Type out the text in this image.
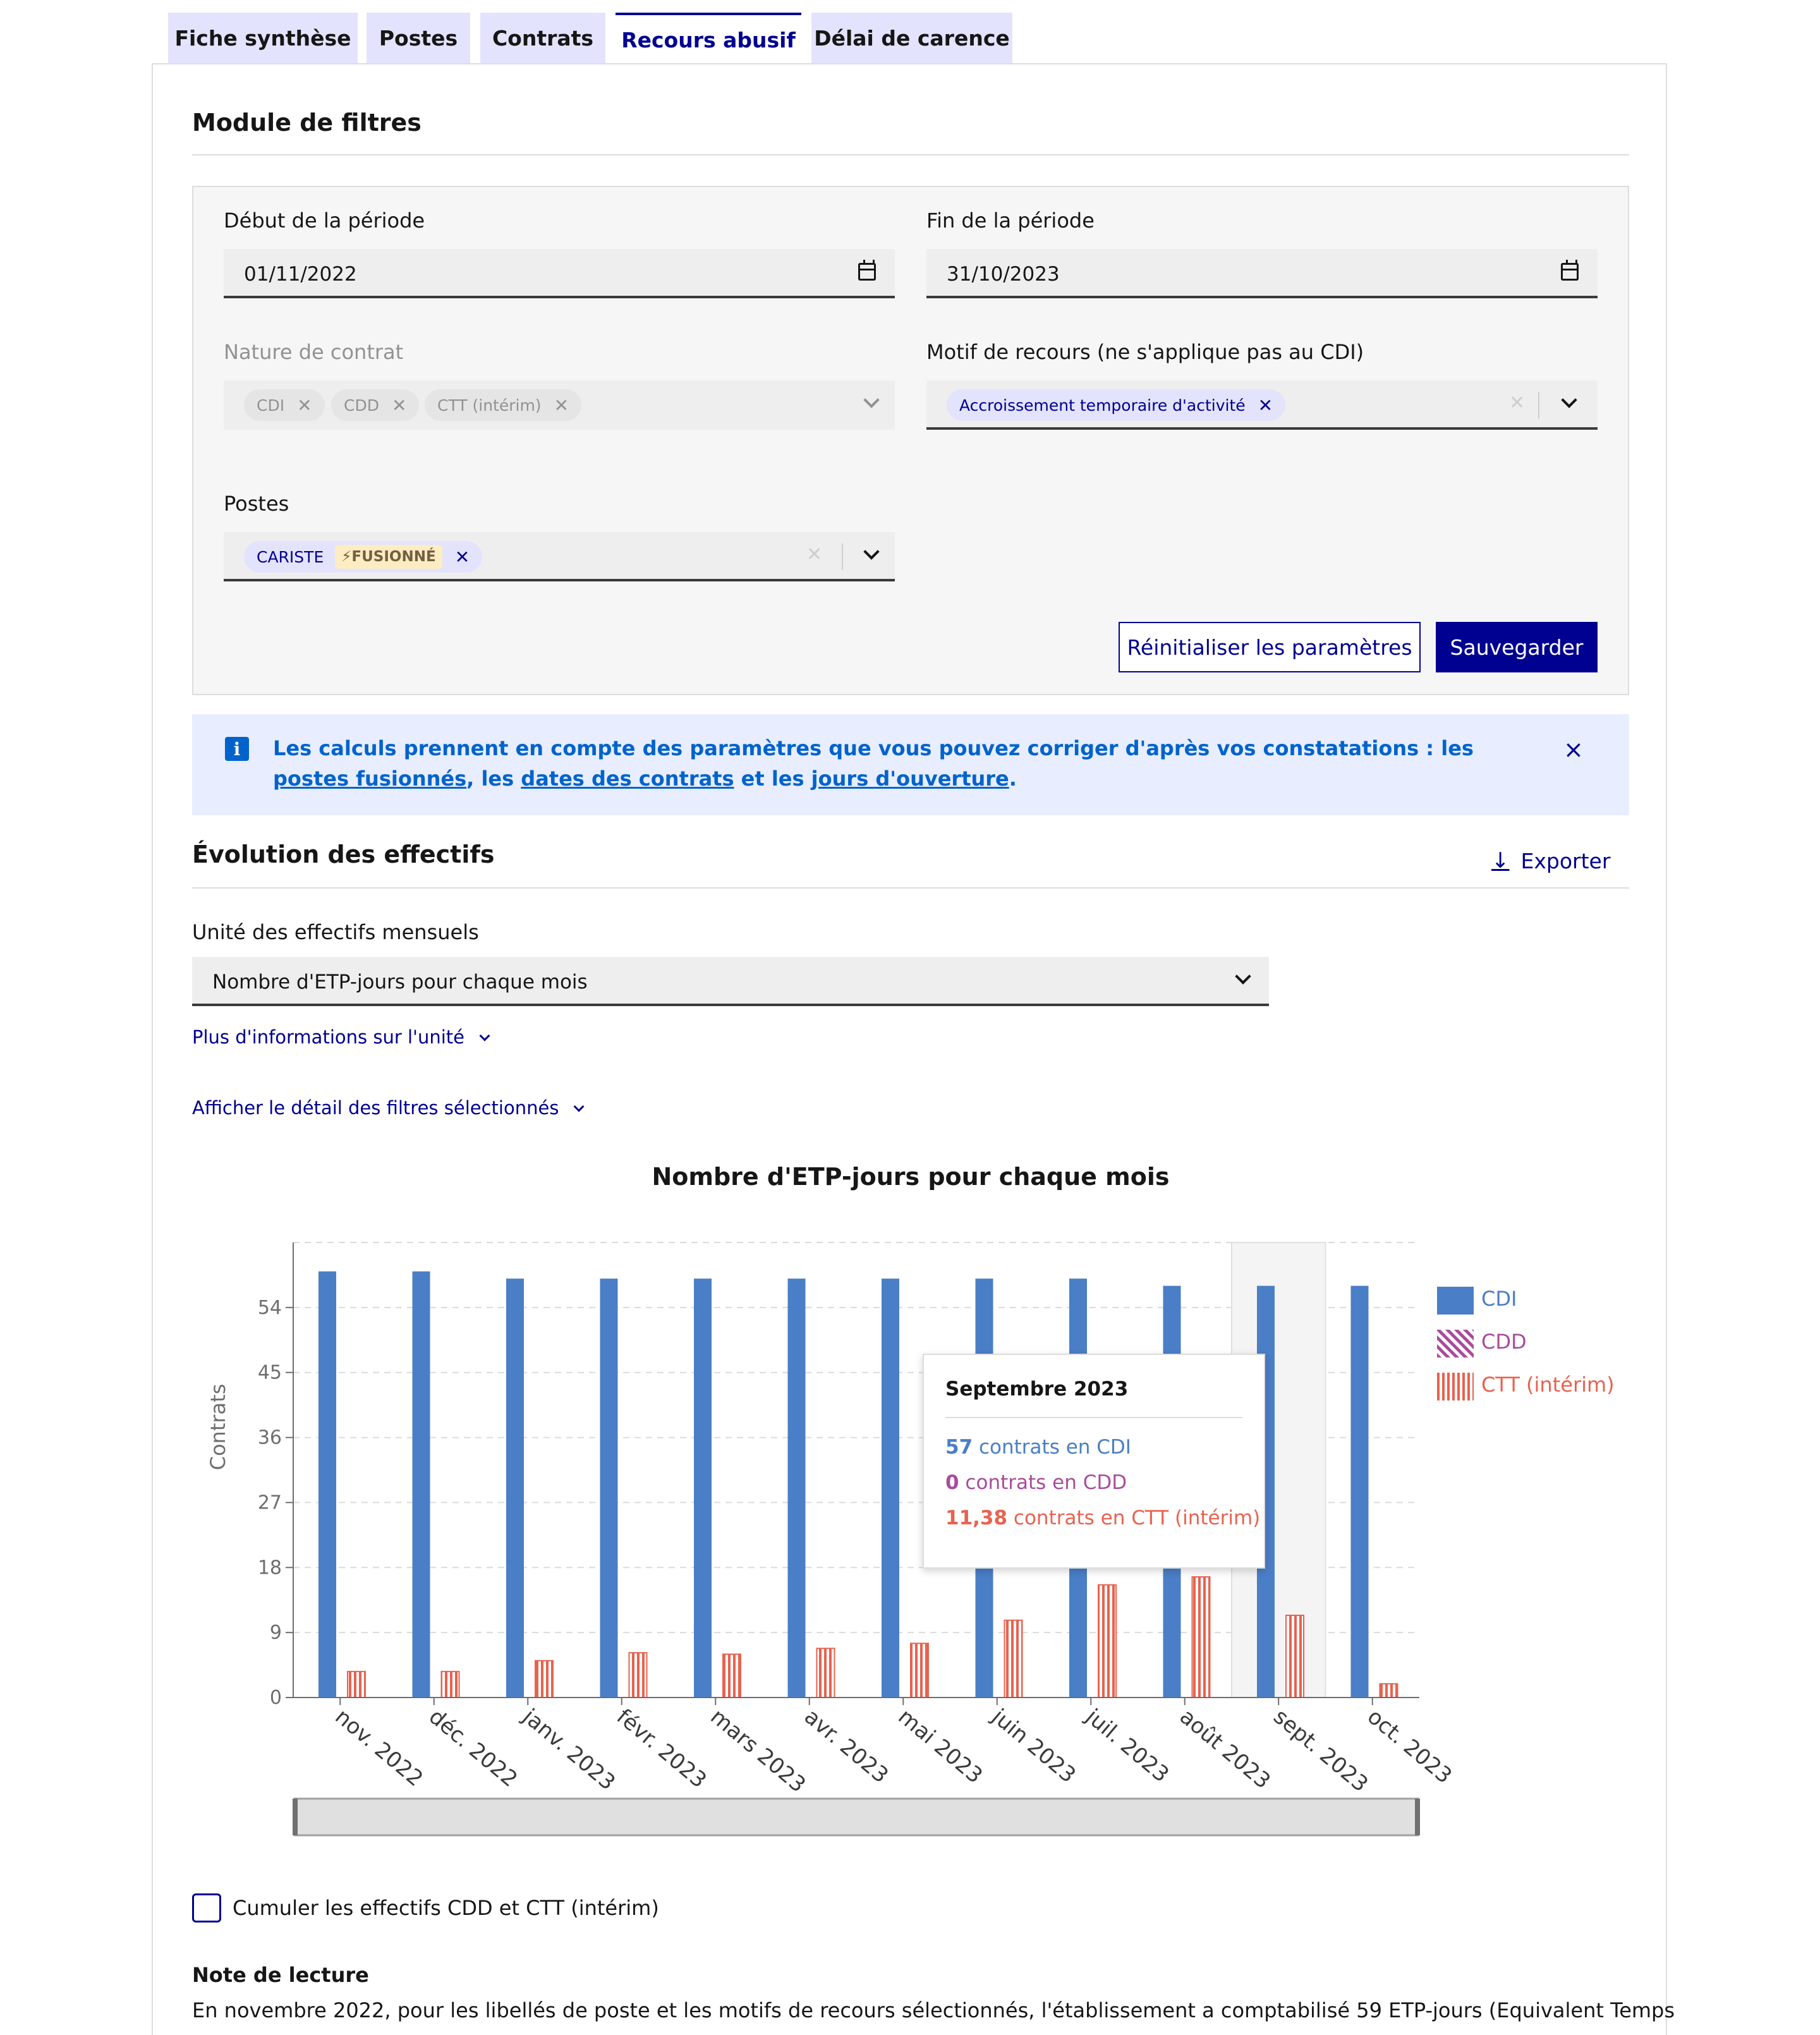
Fiche synthèse	Postes	Contrats	Recours abusif Délai de carence
Module de filtres
Début de la période
01/11/2022
Fin de la période
31/10/2023
Nature de contrat
CDI ✕ CDD ✕ CTT (intérim) ✕
Motif de recours (ne s'applique pas au CDI)
Accroissement temporaire d'activité ✕	✕
Postes
CARISTE ⚡ FUSIONNÉ ✕	✕
Réinitialiser les paramètres	Sauvegarder
i	Les calculs prennent en compte des paramètres que vous pouvez corriger d'après vos constatations : les postes fusionnés, les dates des contrats et les jours d'ouverture.
×
Évolution des effectifs	↓ Exporter
Unité des effectifs mensuels
Nombre d'ETP-jours pour chaque mois
Plus d'informations sur l'unité
Afficher le détail des filtres sélectionnés
Nombre d'ETP-jours pour chaque mois
nov. 2022
déc. 2022
janv. 2023
févr. 2023
mars 2023
avr. 2023 mai 2023 juin 2023 juil. 2023 août 2023
sept. 2023
oct. 2023
0
9
18
27
36
45
54
Contrats
CDI
CDD
CTT (intérim)
Septembre 2023
57 contrats en CDI
0 contrats en CDD
11,38 contrats en CTT (intérim)
Cumuler les effectifs CDD et CTT (intérim)
Note de lecture
En novembre 2022, pour les libellés de poste et les motifs de recours sélectionnés, l'établissement a comptabilisé 59 ETP-jours (Equivalent Temps
